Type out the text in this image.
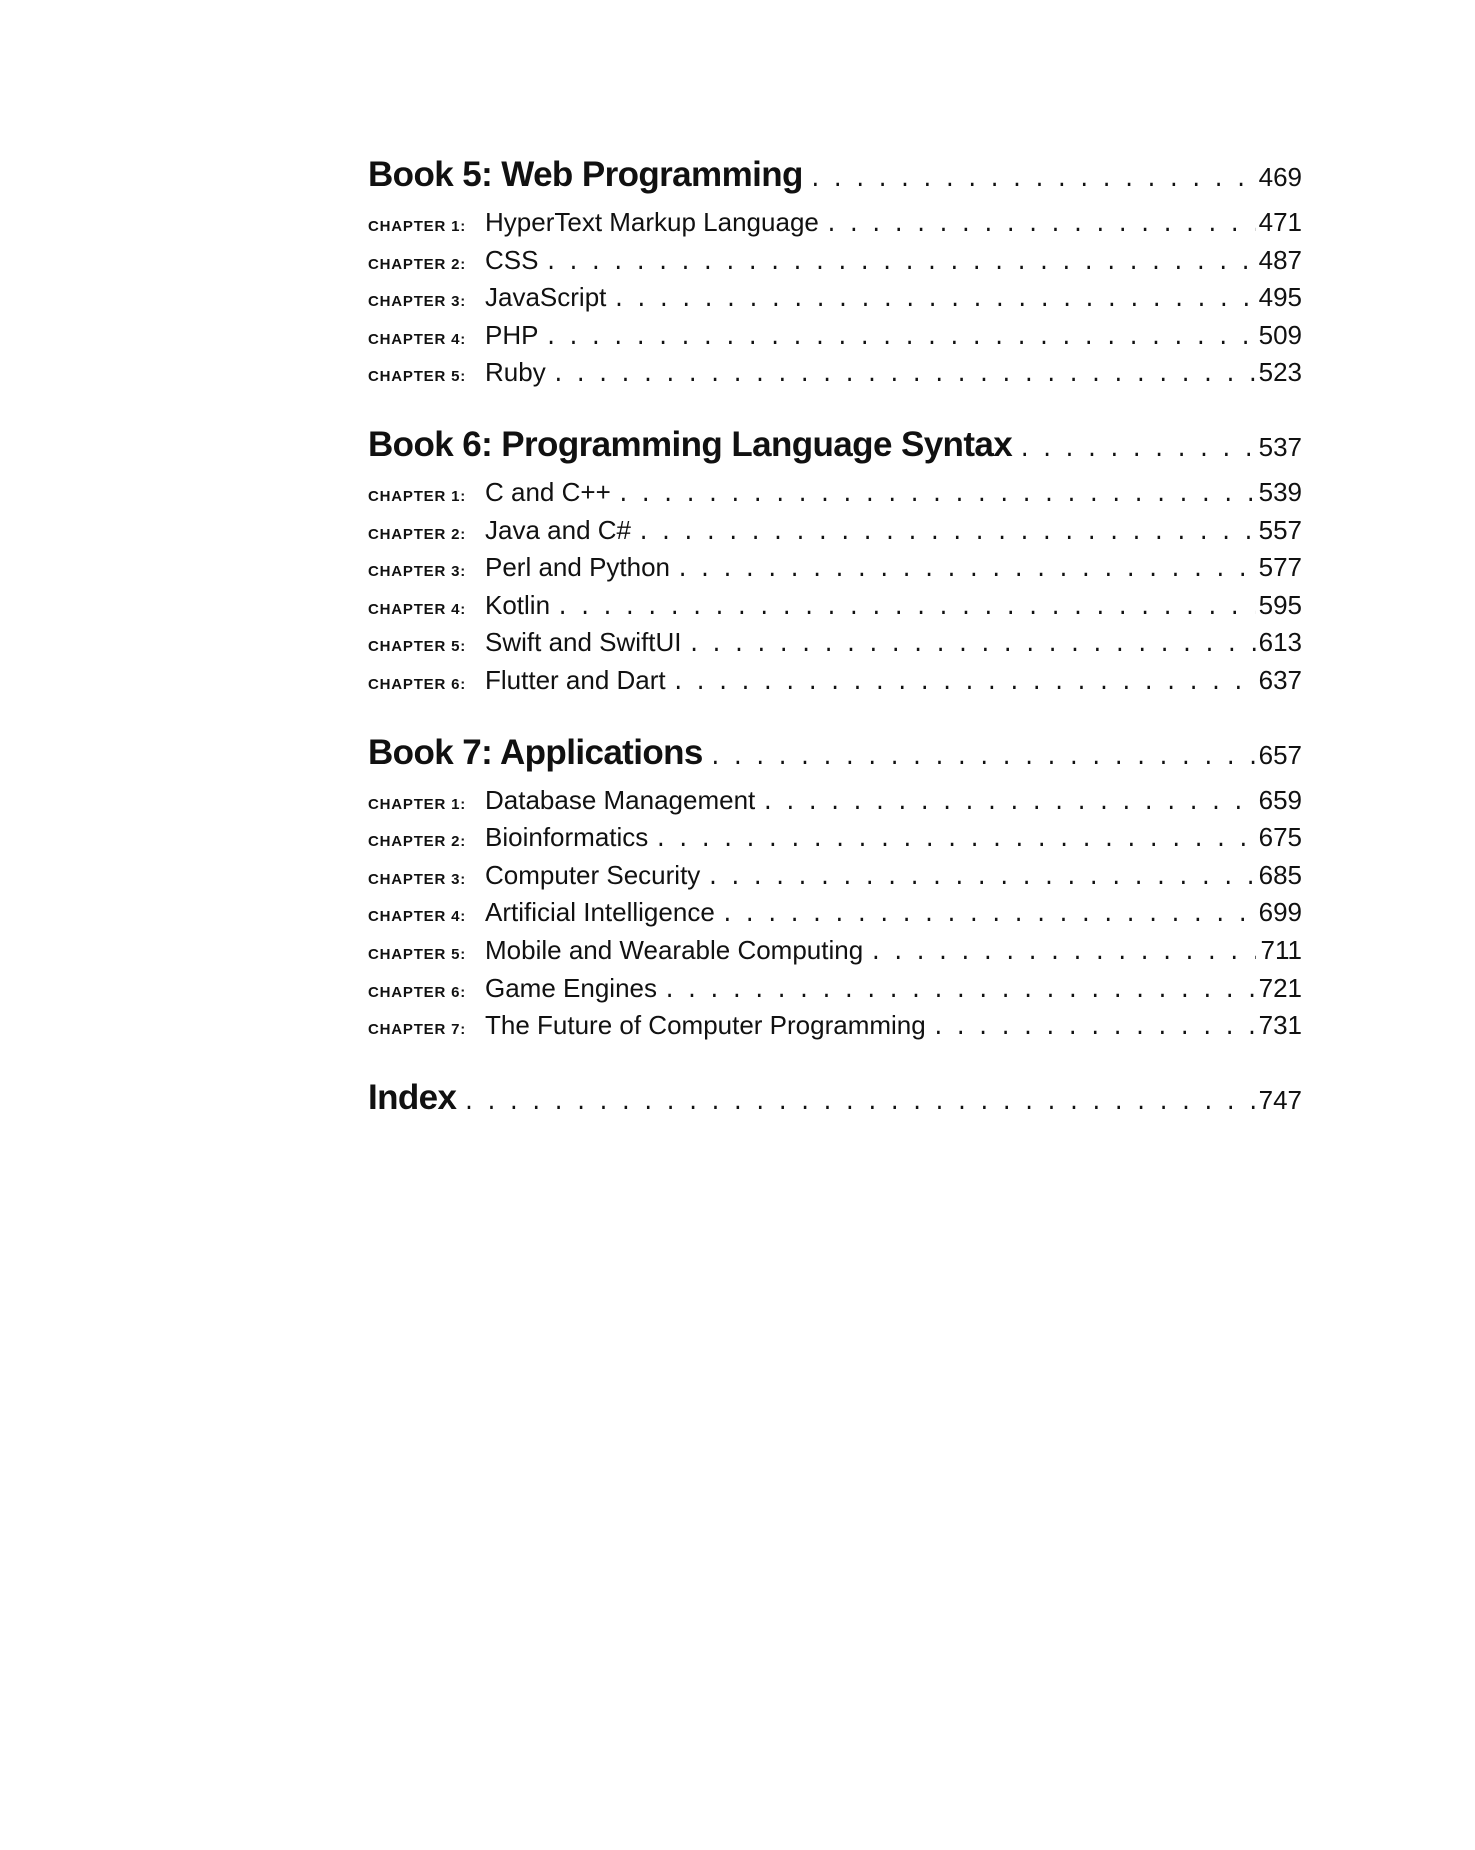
Book 5: Web Programming . . .	469
CHAPTER 1: HyperText Markup Language . . .	471
CHAPTER 2: CSS . . .	487
CHAPTER 3: JavaScript . . .	495
CHAPTER 4: PHP . . .	509
CHAPTER 5: Ruby . . .	523
Book 6: Programming Language Syntax . . .	537
CHAPTER 1: C and C++ . . .	539
CHAPTER 2: Java and C# . . .	557
CHAPTER 3: Perl and Python . . .	577
CHAPTER 4: Kotlin . . .	595
CHAPTER 5: Swift and SwiftUI . . .	613
CHAPTER 6: Flutter and Dart . . .	637
Book 7: Applications . . .	657
CHAPTER 1: Database Management . . .	659
CHAPTER 2: Bioinformatics . . .	675
CHAPTER 3: Computer Security . . .	685
CHAPTER 4: Artificial Intelligence . . .	699
CHAPTER 5: Mobile and Wearable Computing . . .	711
CHAPTER 6: Game Engines . . .	721
CHAPTER 7: The Future of Computer Programming . . .	731
Index . . .	747
